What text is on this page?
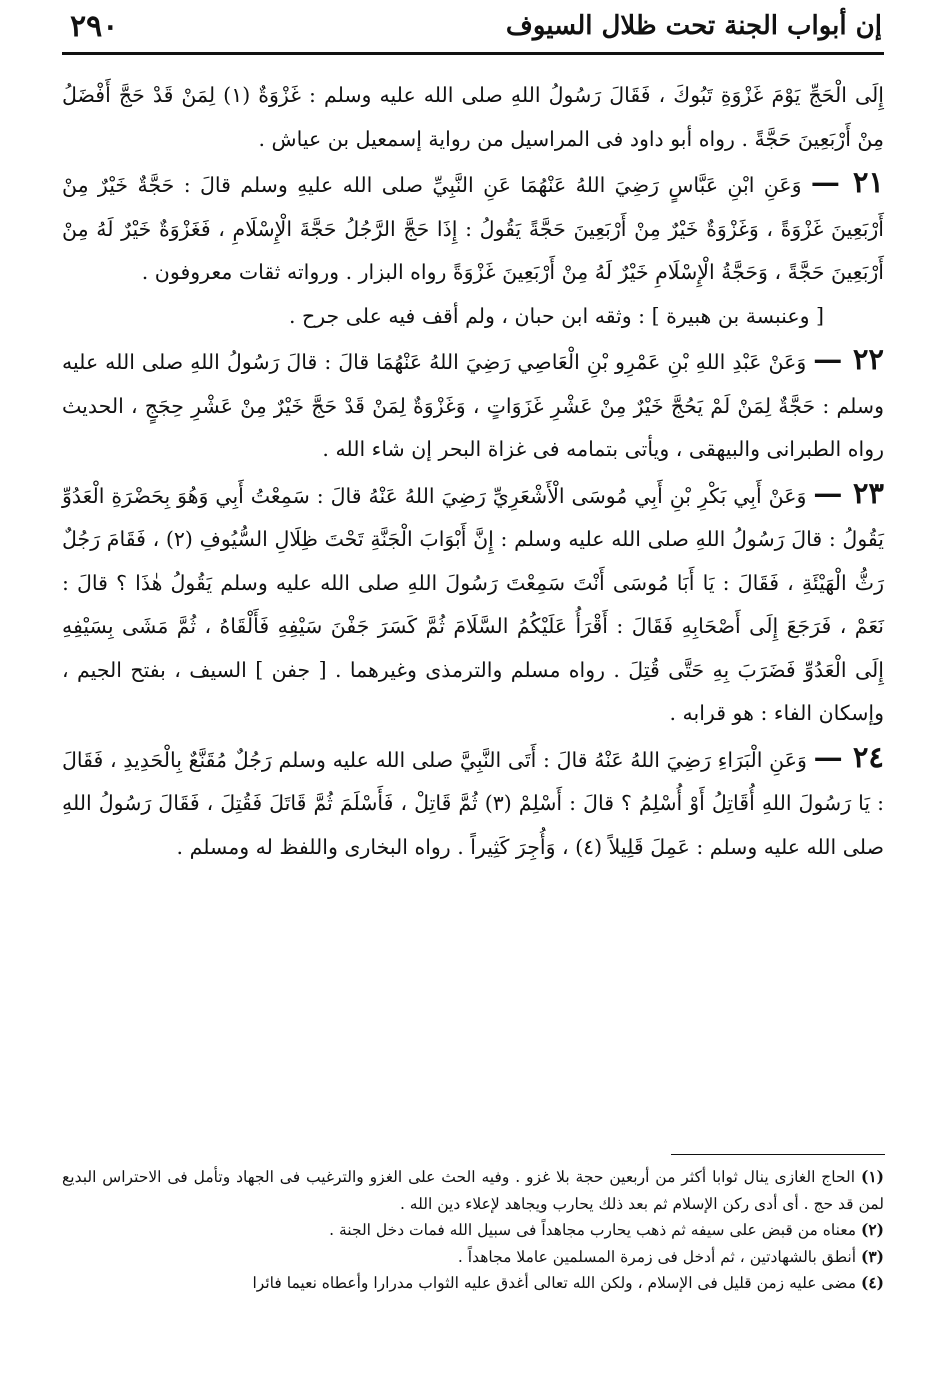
٢٩٠	إن أبواب الجنة تحت ظلال السيوف

إِلَى الْحَجِّ يَوْمَ غَزْوَةِ تَبُوكَ ، فَقَالَ رَسُولُ اللهِ صلى الله عليه وسلم : غَزْوَةٌ (١) لِمَنْ قَدْ حَجَّ أَفْضَلُ مِنْ أَرْبَعِينَ حَجَّةً . رواه أبو داود فى المراسيل من رواية إسمعيل بن عياش .

٢١ — وَعَنِ ابْنِ عَبَّاسٍ رَضِيَ اللهُ عَنْهُمَا عَنِ النَّبِيِّ صلى الله عليهِ وسلم قالَ : حَجَّةٌ خَيْرٌ مِنْ أَرْبَعِينَ غَزْوَةً ، وَغَزْوَةٌ خَيْرٌ مِنْ أَرْبَعِينَ حَجَّةً يَقُولُ : إِذَا حَجَّ الرَّجُلُ حَجَّةَ الْإِسْلَامِ ، فَغَزْوَةٌ خَيْرٌ لَهُ مِنْ أَرْبَعِينَ حَجَّةً ، وَحَجَّةُ الْإِسْلَامِ خَيْرٌ لَهُ مِنْ أَرْبَعِينَ غَزْوَةً رواه البزار . ورواته ثقات معروفون .

[ وعنبسة بن هبيرة ] : وثقه ابن حبان ، ولم أقف فيه على جرح .

٢٢ — وَعَنْ عَبْدِ اللهِ بْنِ عَمْرِو بْنِ الْعَاصِي رَضِيَ اللهُ عَنْهُمَا قالَ : قالَ رَسُولُ اللهِ صلى الله عليه وسلم : حَجَّةٌ لِمَنْ لَمْ يَحُجَّ خَيْرٌ مِنْ عَشْرِ غَزَوَاتٍ ، وَغَزْوَةٌ لِمَنْ قَدْ حَجَّ خَيْرٌ مِنْ عَشْرِ حِجَجٍ ، الحديث رواه الطبرانى والبيهقى ، ويأتى بتمامه فى غزاة البحر إن شاء الله .

٢٣ — وَعَنْ أَبِي بَكْرِ بْنِ أَبِي مُوسَى الْأَشْعَرِيِّ رَضِيَ اللهُ عَنْهُ قالَ : سَمِعْتُ أَبِي وَهُوَ بِحَضْرَةِ الْعَدُوِّ يَقُولُ : قالَ رَسُولُ اللهِ صلى الله عليه وسلم : إِنَّ أَبْوَابَ الْجَنَّةِ تَحْتَ ظِلَالِ السُّيُوفِ (٢) ، فَقَامَ رَجُلٌ رَثُّ الْهَيْئَةِ ، فَقَالَ : يَا أَبَا مُوسَى أَنْتَ سَمِعْتَ رَسُولَ اللهِ صلى الله عليه وسلم يَقُولُ هٰذَا ؟ قالَ : نَعَمْ ، فَرَجَعَ إِلَى أَصْحَابِهِ فَقَالَ : أَقْرَأُ عَلَيْكُمُ السَّلَامَ ثُمَّ كَسَرَ جَفْنَ سَيْفِهِ فَأَلْقَاهُ ، ثُمَّ مَشَى بِسَيْفِهِ إِلَى الْعَدُوِّ فَضَرَبَ بِهِ حَتَّى قُتِلَ . رواه مسلم والترمذى وغيرهما . [ جفن ] السيف ، بفتح الجيم ، وإسكان الفاء : هو قرابه .

٢٤ — وَعَنِ الْبَرَاءِ رَضِيَ اللهُ عَنْهُ قالَ : أَتَى النَّبِيَّ صلى الله عليه وسلم رَجُلٌ مُقَنَّعٌ بِالْحَدِيدِ ، فَقَالَ : يَا رَسُولَ اللهِ أُقَاتِلُ أَوْ أُسْلِمُ ؟ قالَ : أَسْلِمْ (٣) ثُمَّ قَاتِلْ ، فَأَسْلَمَ ثُمَّ قَاتَلَ فَقُتِلَ ، فَقَالَ رَسُولُ اللهِ صلى الله عليه وسلم : عَمِلَ قَلِيلاً (٤) ، وَأُجِرَ كَثِيراً . رواه البخارى واللفظ له ومسلم .

(١) الحاج الغازى ينال ثوابا أكثر من أربعين حجة بلا غزو . وفيه الحث على الغزو والترغيب فى الجهاد وتأمل فى الاحتراس البديع لمن قد حج . أى أدى ركن الإسلام ثم بعد ذلك يحارب ويجاهد لإعلاء دين الله .

(٢) معناه من قبض على سيفه ثم ذهب يحارب مجاهداً فى سبيل الله فمات دخل الجنة .

(٣) أنطق بالشهادتين ، ثم أدخل فى زمرة المسلمين عاملا مجاهداً .

(٤) مضى عليه زمن قليل فى الإسلام ، ولكن الله تعالى أغدق عليه الثواب مدرارا وأعطاه نعيما فائرا
